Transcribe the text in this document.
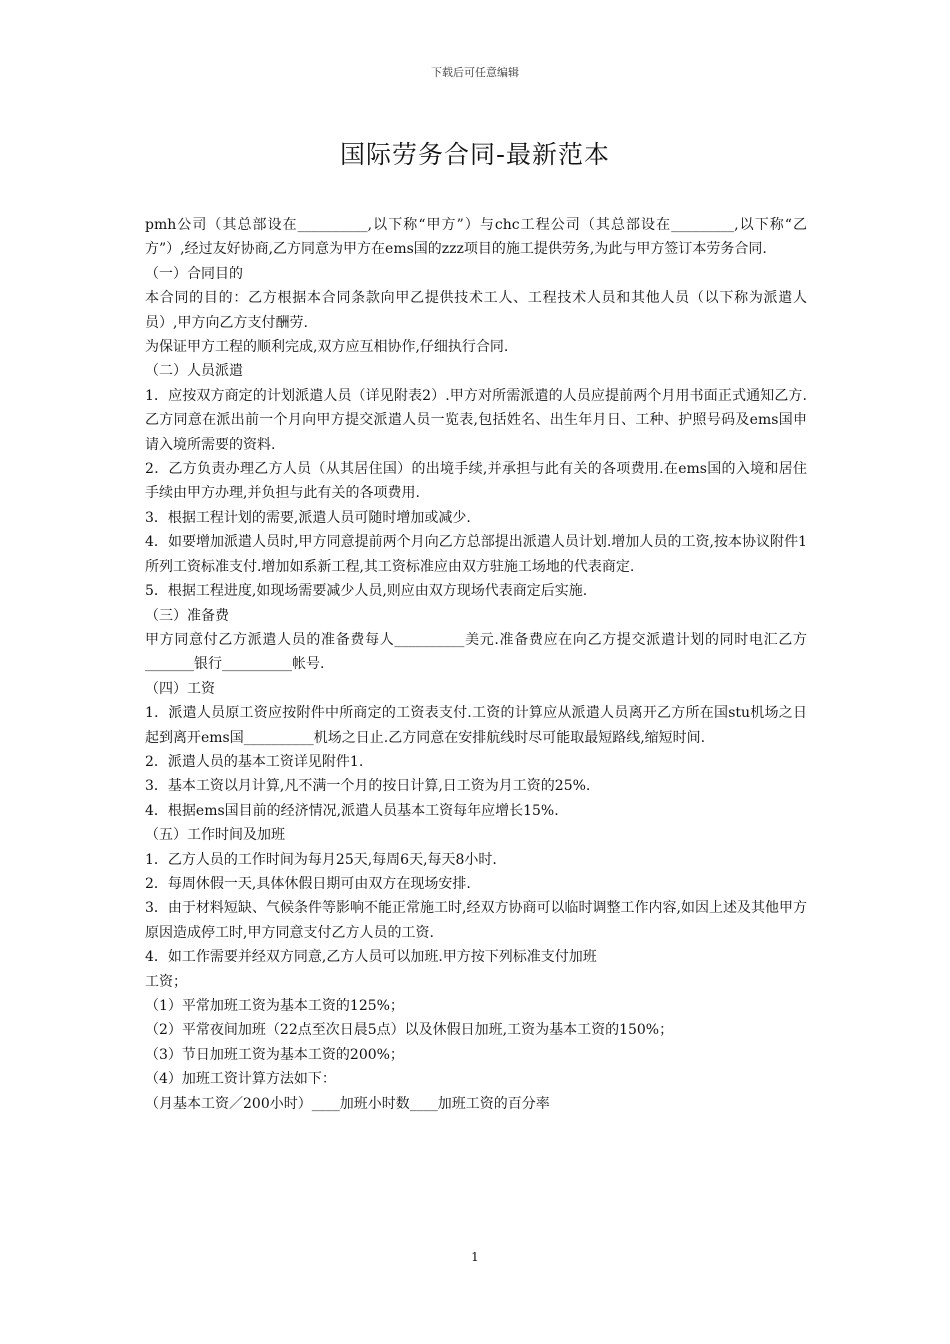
下载后可任意编辑
国际劳务合同-最新范本

pmh公司（其总部设在__________,以下称“甲方”）与chc工程公司（其总部设在_________,以下称“乙方”）,经过友好协商,乙方同意为甲方在ems国的zzz项目的施工提供劳务,为此与甲方签订本劳务合同.

（一）合同目的

本合同的目的：乙方根据本合同条款向甲乙提供技术工人、工程技术人员和其他人员（以下称为派遣人员）,甲方向乙方支付酬劳.

为保证甲方工程的顺利完成,双方应互相协作,仔细执行合同.

（二）人员派遣

1．应按双方商定的计划派遣人员（详见附表2）.甲方对所需派遣的人员应提前两个月用书面正式通知乙方.乙方同意在派出前一个月向甲方提交派遣人员一览表,包括姓名、出生年月日、工种、护照号码及ems国申请入境所需要的资料.

2．乙方负责办理乙方人员（从其居住国）的出境手续,并承担与此有关的各项费用.在ems国的入境和居住手续由甲方办理,并负担与此有关的各项费用.

3．根据工程计划的需要,派遣人员可随时增加或减少.

4．如要增加派遣人员时,甲方同意提前两个月向乙方总部提出派遣人员计划.增加人员的工资,按本协议附件1所列工资标准支付.增加如系新工程,其工资标准应由双方驻施工场地的代表商定.

5．根据工程进度,如现场需要减少人员,则应由双方现场代表商定后实施.

（三）准备费

甲方同意付乙方派遣人员的准备费每人__________美元.准备费应在向乙方提交派遣计划的同时电汇乙方_______银行__________帐号.

（四）工资

1．派遣人员原工资应按附件中所商定的工资表支付.工资的计算应从派遣人员离开乙方所在国stu机场之日起到离开ems国__________机场之日止.乙方同意在安排航线时尽可能取最短路线,缩短时间.

2．派遣人员的基本工资详见附件1.

3．基本工资以月计算,凡不满一个月的按日计算,日工资为月工资的25%.

4．根据ems国目前的经济情况,派遣人员基本工资每年应增长15%.

（五）工作时间及加班

1．乙方人员的工作时间为每月25天,每周6天,每天8小时.

2．每周休假一天,具体休假日期可由双方在现场安排.

3．由于材料短缺、气候条件等影响不能正常施工时,经双方协商可以临时调整工作内容,如因上述及其他甲方原因造成停工时,甲方同意支付乙方人员的工资.

4．如工作需要并经双方同意,乙方人员可以加班.甲方按下列标准支付加班

工资；

（1）平常加班工资为基本工资的125%；

（2）平常夜间加班（22点至次日晨5点）以及休假日加班,工资为基本工资的150%；

（3）节日加班工资为基本工资的200%；

（4）加班工资计算方法如下：

（月基本工资／200小时）____加班小时数____加班工资的百分率

1
